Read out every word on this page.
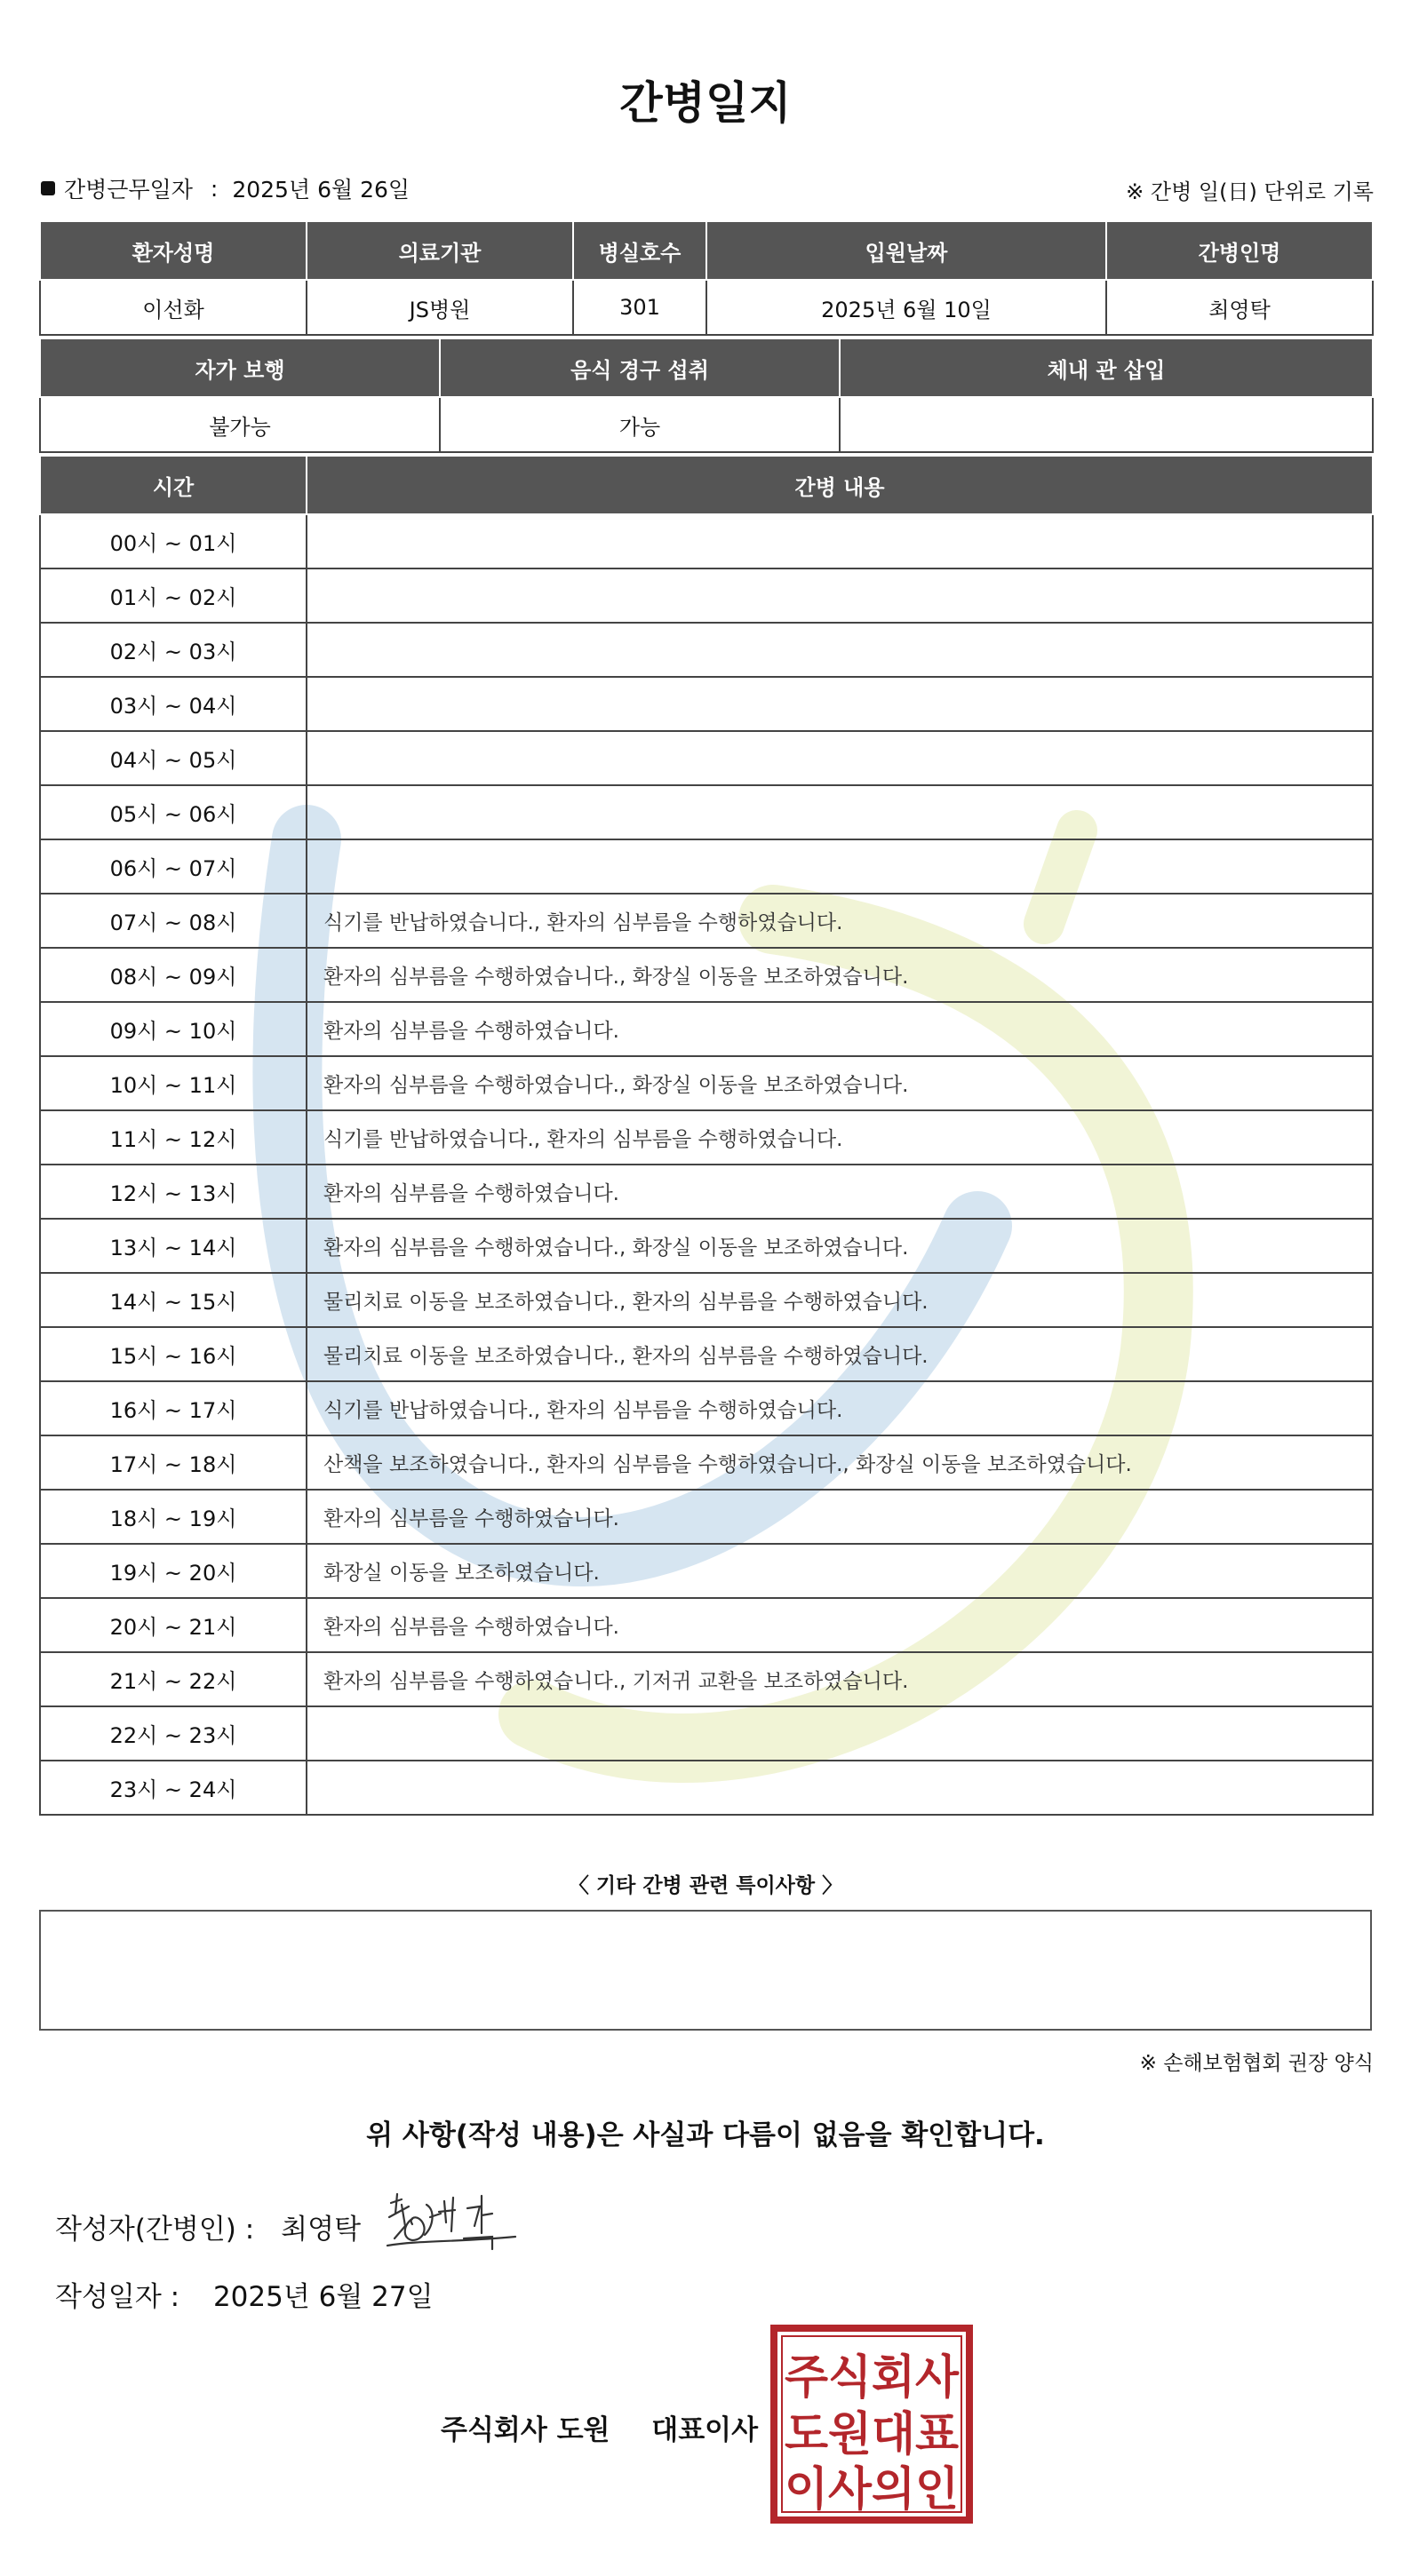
간병일지
간병근무일자 : 2025년 6월 26일	※ 간병 일(日) 단위로 기록
환자성명	의료기관	병실호수	입원날짜	간병인명
이선화	JS병원	301	2025년 6월 10일	최영탁
자가 보행	음식 경구 섭취	체내 관 삽입
불가능	가능	
시간	간병 내용
00시 ~ 01시	
01시 ~ 02시	
02시 ~ 03시	
03시 ~ 04시	
04시 ~ 05시	
05시 ~ 06시	
06시 ~ 07시	
07시 ~ 08시	식기를 반납하였습니다., 환자의 심부름을 수행하였습니다.
08시 ~ 09시	환자의 심부름을 수행하였습니다., 화장실 이동을 보조하였습니다.
09시 ~ 10시	환자의 심부름을 수행하였습니다.
10시 ~ 11시	환자의 심부름을 수행하였습니다., 화장실 이동을 보조하였습니다.
11시 ~ 12시	식기를 반납하였습니다., 환자의 심부름을 수행하였습니다.
12시 ~ 13시	환자의 심부름을 수행하였습니다.
13시 ~ 14시	환자의 심부름을 수행하였습니다., 화장실 이동을 보조하였습니다.
14시 ~ 15시	물리치료 이동을 보조하였습니다., 환자의 심부름을 수행하였습니다.
15시 ~ 16시	물리치료 이동을 보조하였습니다., 환자의 심부름을 수행하였습니다.
16시 ~ 17시	식기를 반납하였습니다., 환자의 심부름을 수행하였습니다.
17시 ~ 18시	산책을 보조하였습니다., 환자의 심부름을 수행하였습니다., 화장실 이동을 보조하였습니다.
18시 ~ 19시	환자의 심부름을 수행하였습니다.
19시 ~ 20시	화장실 이동을 보조하였습니다.
20시 ~ 21시	환자의 심부름을 수행하였습니다.
21시 ~ 22시	환자의 심부름을 수행하였습니다., 기저귀 교환을 보조하였습니다.
22시 ~ 23시	
23시 ~ 24시	
〈 기타 간병 관련 특이사항 〉
※ 손해보험협회 권장 양식
위 사항(작성 내용)은 사실과 다름이 없음을 확인합니다.
작성자(간병인) : 최영탁
작성일자 : 2025년 6월 27일
주식회사 도원 대표이사
주식회사
도원대표
이사의인
